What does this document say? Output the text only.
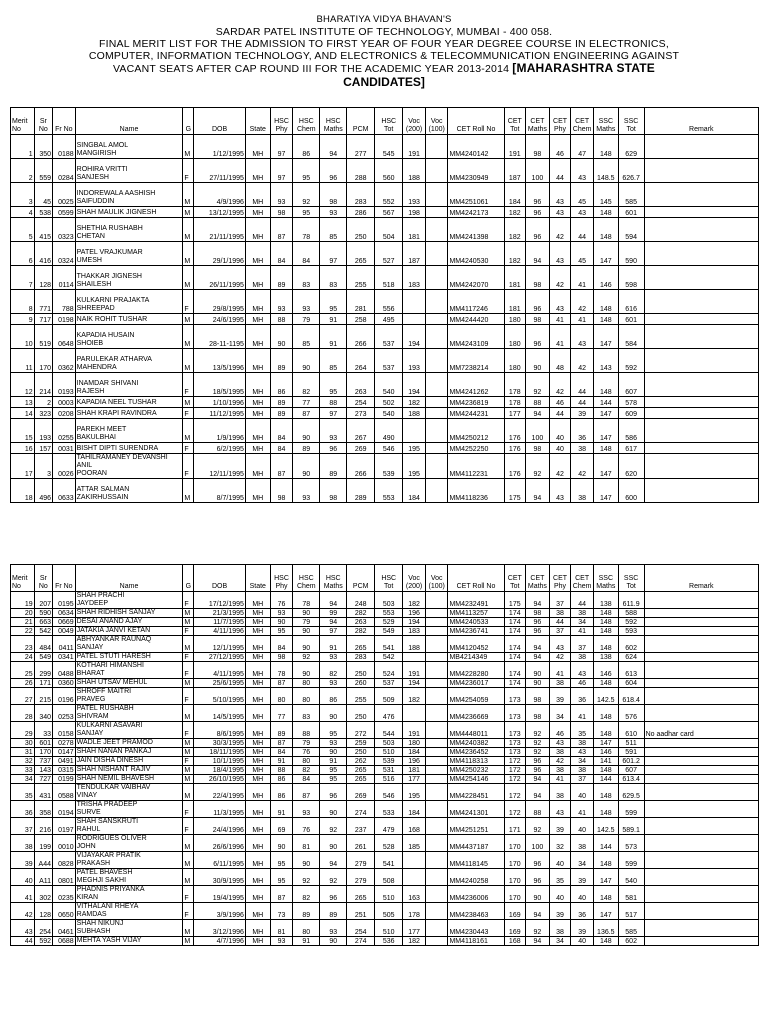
BHARATIYA VIDYA BHAVAN'S
SARDAR PATEL INSTITUTE OF TECHNOLOGY, MUMBAI - 400 058.
FINAL MERIT LIST FOR THE ADMISSION TO FIRST YEAR OF FOUR YEAR DEGREE COURSE IN ELECTRONICS,
COMPUTER, INFORMATION TECHNOLOGY, AND ELECTRONICS & TELECOMMUNICATION ENGINEERING AGAINST
VACANT SEATS AFTER CAP ROUND III FOR THE ACADEMIC YEAR 2013-2014 [MAHARASHTRA STATE
CANDIDATES]
Merit No	Sr No	Fr No	Name	G	DOB	State	HSC Phy	HSC Chem	HSC Maths	PCM	HSC Tot	Voc (200)	Voc (100)	CET Roll No	CET Tot	CET Maths	CET Phy	CET Chem	SSC Maths	SSC Tot	Remark
1	350	0188	SINGBAL AMOL
MANGIRISH	M	1/12/1995	MH	97	86	94	277	545	191		MM4240142	191	98	46	47	148	629	
2	559	0284	ROHIRA VRITTI
SANJESH	F	27/11/1995	MH	97	95	96	288	560	188		MM4230949	187	100	44	43	148.5	626.7	
3	45	0025	INDOREWALA AASHISH
SAIFUDDIN	M	4/9/1996	MH	93	92	98	283	552	193		MM4251061	184	96	43	45	145	585	
4	538	0599	SHAH MAULIK JIGNESH	M	13/12/1995	MH	98	95	93	286	567	198		MM4242173	182	96	43	43	148	601	
5	415	0323	SHETHIA RUSHABH
CHETAN	M	21/11/1995	MH	87	78	85	250	504	181		MM4241398	182	96	42	44	148	594	
6	416	0324	PATEL VRAJKUMAR
UMESH	M	29/1/1996	MH	84	84	97	265	527	187		MM4240530	182	94	43	45	147	590	
7	128	0114	THAKKAR JIGNESH
SHAILESH	M	26/11/1995	MH	89	83	83	255	518	183		MM4242070	181	98	42	41	146	598	
8	771	788	KULKARNI PRAJAKTA
SHREEPAD	F	29/8/1995	MH	93	93	95	281	556			MM4117246	181	96	43	42	148	616	
9	717	0198	NAIK ROHIT TUSHAR	M	24/6/1995	MH	88	79	91	258	495			MM4244420	180	98	41	41	148	601	
10	519	0648	KAPADIA HUSAIN
SHOIEB	M	28-11-1195	MH	90	85	91	266	537	194		MM4243109	180	96	41	43	147	584	
11	170	0362	PARULEKAR ATHARVA
MAHENDRA	M	13/5/1996	MH	89	90	85	264	537	193		MM7238214	180	90	48	42	143	592	
12	214	0193	INAMDAR SHIVANI
RAJESH	F	18/5/1995	MH	86	82	95	263	540	194		MM4241262	178	92	42	44	148	607	
13	2	0003	KAPADIA NEEL TUSHAR	M	1/10/1996	MH	89	77	88	254	502	182		MM4236819	178	88	46	44	144	578	
14	323	0208	SHAH KRAPI RAVINDRA	F	11/12/1995	MH	89	87	97	273	540	188		MM4244231	177	94	44	39	147	609	
15	193	0255	PAREKH MEET
BAKULBHAI	M	1/9/1996	MH	84	90	93	267	490			MM4250212	176	100	40	36	147	586	
16	157	0031	BISHT DIPTI SURENDRA	F	6/2/1995	MH	84	89	96	269	546	195		MM4252250	176	98	40	38	148	617	
17	3	0026	TAHILRAMANEY DEVANSHI ANIL
POORAN	F	12/11/1995	MH	87	90	89	266	539	195		MM4112231	176	92	42	42	147	620	
18	496	0633	ATTAR SALMAN
ZAKIRHUSSAIN	M	8/7/1995	MH	98	93	98	289	553	184		MM4118236	175	94	43	38	147	600	
Merit No	Sr No	Fr No	Name	G	DOB	State	HSC Phy	HSC Chem	HSC Maths	PCM	HSC Tot	Voc (200)	Voc (100)	CET Roll No	CET Tot	CET Maths	CET Phy	CET Chem	SSC Maths	SSC Tot	Remark
19	207	0195	SHAH PRACHI
JAYDEEP	F	17/12/1995	MH	76	78	94	248	503	182		MM4232491	175	94	37	44	138	611.9	
20	590	0634	SHAH RIDHISH SANJAY	M	21/3/1995	MH	93	90	99	282	553	196		MM4113257	174	98	38	38	148	588	
21	663	0669	DESAI ANAND AJAY	M	11/7/1995	MH	90	79	94	263	529	194		MM4240533	174	96	44	34	148	592	
22	542	0049	JATAKIA JANVI KETAN	F	4/11/1996	MH	95	90	97	282	549	183		MM4236741	174	96	37	41	148	593	
23	484	0411	ABHYANKAR RAUNAQ
SANJAY	M	12/1/1995	MH	84	90	91	265	541	188		MM4120452	174	94	43	37	148	602	
24	549	0341	PATEL STUTI HARESH	F	27/12/1995	MH	98	92	93	283	542			MB4214349	174	94	42	38	138	624	
25	299	0488	KOTHARI HIMANSHI
BHARAT	F	4/11/1995	MH	78	90	82	250	524	191		MM4228280	174	90	41	43	146	613	
26	171	0360	SHAH UTSAV MEHUL	M	25/6/1995	MH	87	80	93	260	537	194		MM4236017	174	90	38	46	148	604	
27	215	0196	SHROFF MAITRI
PRAVEG	F	5/10/1995	MH	80	80	86	255	509	182		MM4254059	173	98	39	36	142.5	618.4	
28	340	0253	PATEL RUSHABH
SHIVRAM	M	14/5/1995	MH	77	83	90	250	476			MM4236669	173	98	34	41	148	576	
29	33	0158	KULKARNI ASAVARI
SANJAY	F	8/6/1995	MH	89	88	95	272	544	191		MM4448011	173	92	46	35	148	610	No aadhar card
30	601	0278	WADLE JEET PRAMOD	M	30/3/1995	MH	87	79	93	259	503	180		MM4240382	173	92	43	38	147	511	
31	170	0147	SHAH NANAN PANKAJ	M	18/11/1995	MH	84	76	90	250	510	184		MM4236452	173	92	38	43	146	591	
32	737	0491	JAIN DISHA DINESH	F	10/1/1995	MH	91	80	91	262	539	196		MM4118313	172	96	42	34	141	601.2	
33	143	0315	SHAH NISHANT RAJIV	M	18/4/1995	MH	88	82	95	265	531	181		MM4250232	172	96	38	38	148	607	
34	727	0199	SHAH NEMIL BHAVESH	M	26/10/1995	MH	86	84	95	265	516	177		MM4254146	172	94	41	37	144	613.4	
35	431	0588	TENDULKAR VAIBHAV
VINAY	M	22/4/1995	MH	86	87	96	269	546	195		MM4228451	172	94	38	40	148	629.5	
36	358	0194	TRISHA PRADEEP
SURVE	F	11/3/1995	MH	91	93	90	274	533	184		MM4241301	172	88	43	41	148	599	
37	216	0197	SHAH SANSKRUTI
RAHUL	F	24/4/1996	MH	69	76	92	237	479	168		MM4251251	171	92	39	40	142.5	589.1	
38	199	0010	RODRIGUES OLIVER
JOHN	M	26/6/1996	MH	90	81	90	261	528	185		MM4437187	170	100	32	38	144	573	
39	A44	0828	VIJAYAKAR PRATIK
PRAKASH	M	6/11/1995	MH	95	90	94	279	541			MM4118145	170	96	40	34	148	599	
40	A11	0801	PATEL BHAVESH
MEGHJI SAKHI	M	30/9/1995	MH	95	92	92	279	508			MM4240258	170	96	35	39	147	540	
41	302	0235	PHADNIS PRIYANKA
KIRAN	F	19/4/1995	MH	87	82	96	265	510	163		MM4236006	170	90	40	40	148	581	
42	128	0650	VITHALANI RHEYA
RAMDAS	F	3/9/1996	MH	73	89	89	251	505	178		MM4238463	169	94	39	36	147	517	
43	254	0461	SHAH NIKUNJ
SUBHASH	M	3/12/1996	MH	81	80	93	254	510	177		MM4230443	169	92	38	39	136.5	585	
44	592	0688	MEHTA YASH VIJAY	M	4/7/1996	MH	93	91	90	274	536	182		MM4118161	168	94	34	40	148	602	
